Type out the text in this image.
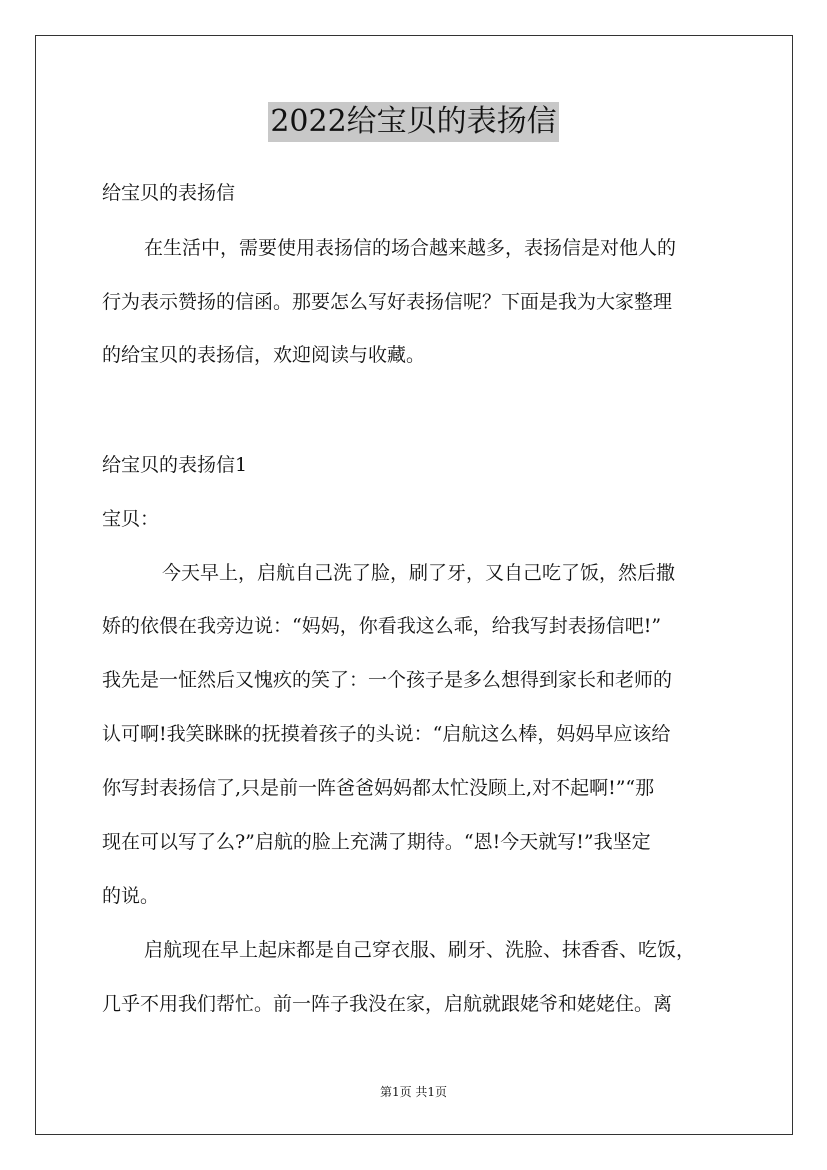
2022给宝贝的表扬信
给宝贝的表扬信
在生活中，需要使用表扬信的场合越来越多，表扬信是对他人的
行为表示赞扬的信函。那要怎么写好表扬信呢？下面是我为大家整理
的给宝贝的表扬信，欢迎阅读与收藏。
给宝贝的表扬信1
宝贝：
今天早上，启航自己洗了脸，刷了牙，又自己吃了饭，然后撒
娇的依偎在我旁边说：“妈妈，你看我这么乖，给我写封表扬信吧!”
我先是一怔然后又愧疚的笑了：一个孩子是多么想得到家长和老师的
认可啊!我笑眯眯的抚摸着孩子的头说：“启航这么棒，妈妈早应该给
你写封表扬信了,只是前一阵爸爸妈妈都太忙没顾上,对不起啊!”“那
现在可以写了么?”启航的脸上充满了期待。“恩!今天就写!”我坚定
的说。
启航现在早上起床都是自己穿衣服、刷牙、洗脸、抹香香、吃饭，
几乎不用我们帮忙。前一阵子我没在家，启航就跟姥爷和姥姥住。离
第1页 共1页
